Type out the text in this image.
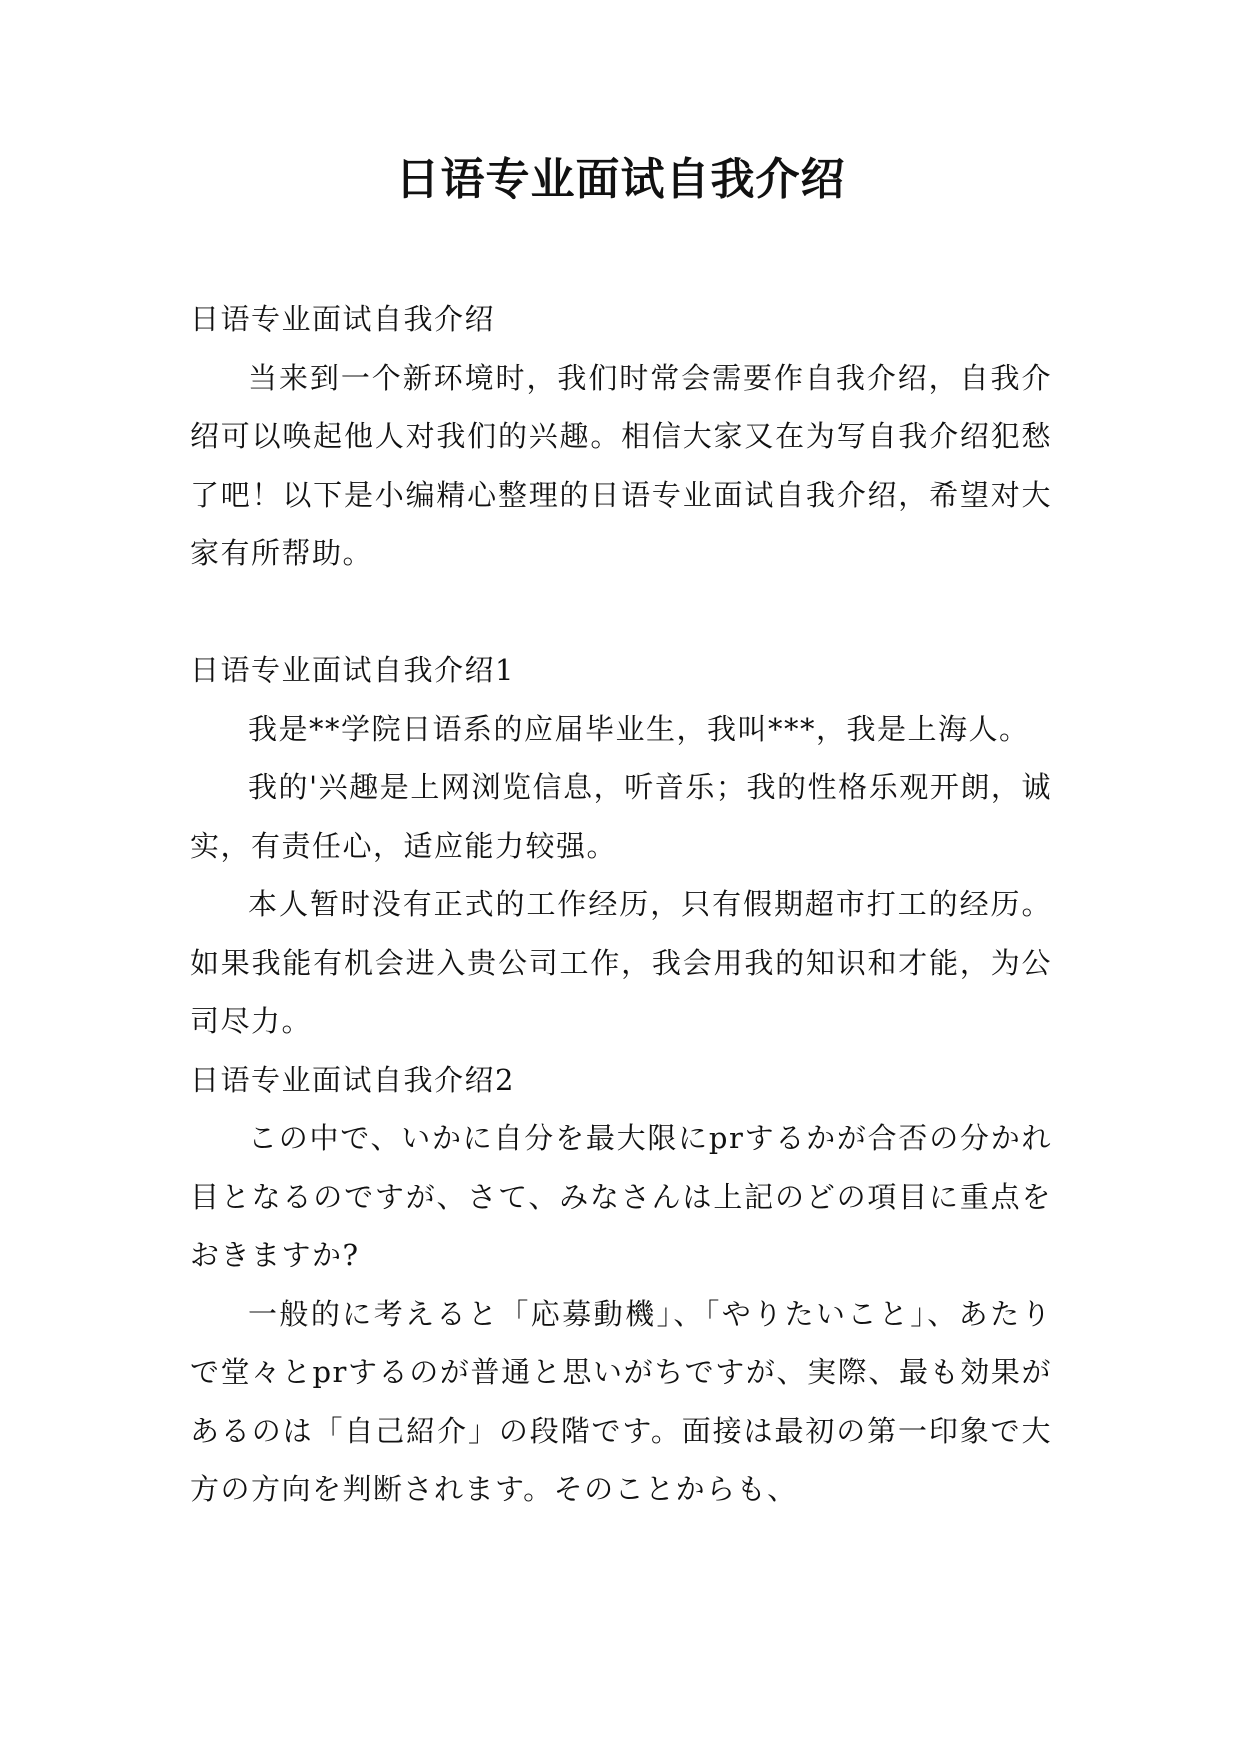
日语专业面试自我介绍

日语专业面试自我介绍

当来到一个新环境时，我们时常会需要作自我介绍，自我介绍可以唤起他人对我们的兴趣。相信大家又在为写自我介绍犯愁了吧！以下是小编精心整理的日语专业面试自我介绍，希望对大家有所帮助。

日语专业面试自我介绍1

我是**学院日语系的应届毕业生，我叫***，我是上海人。

我的'兴趣是上网浏览信息，听音乐；我的性格乐观开朗，诚实，有责任心，适应能力较强。

本人暂时没有正式的工作经历，只有假期超市打工的经历。如果我能有机会进入贵公司工作，我会用我的知识和才能，为公司尽力。

日语专业面试自我介绍2

この中で、いかに自分を最大限にprするかが合否の分かれ目となるのですが、さて、みなさんは上記のどの項目に重点をおきますか?

一般的に考えると「応募動機」、「やりたいこと」、あたりで堂々とprするのが普通と思いがちですが、実際、最も効果があるのは「自己紹介」の段階です。面接は最初の第一印象で大方の方向を判断されます。そのことからも、
